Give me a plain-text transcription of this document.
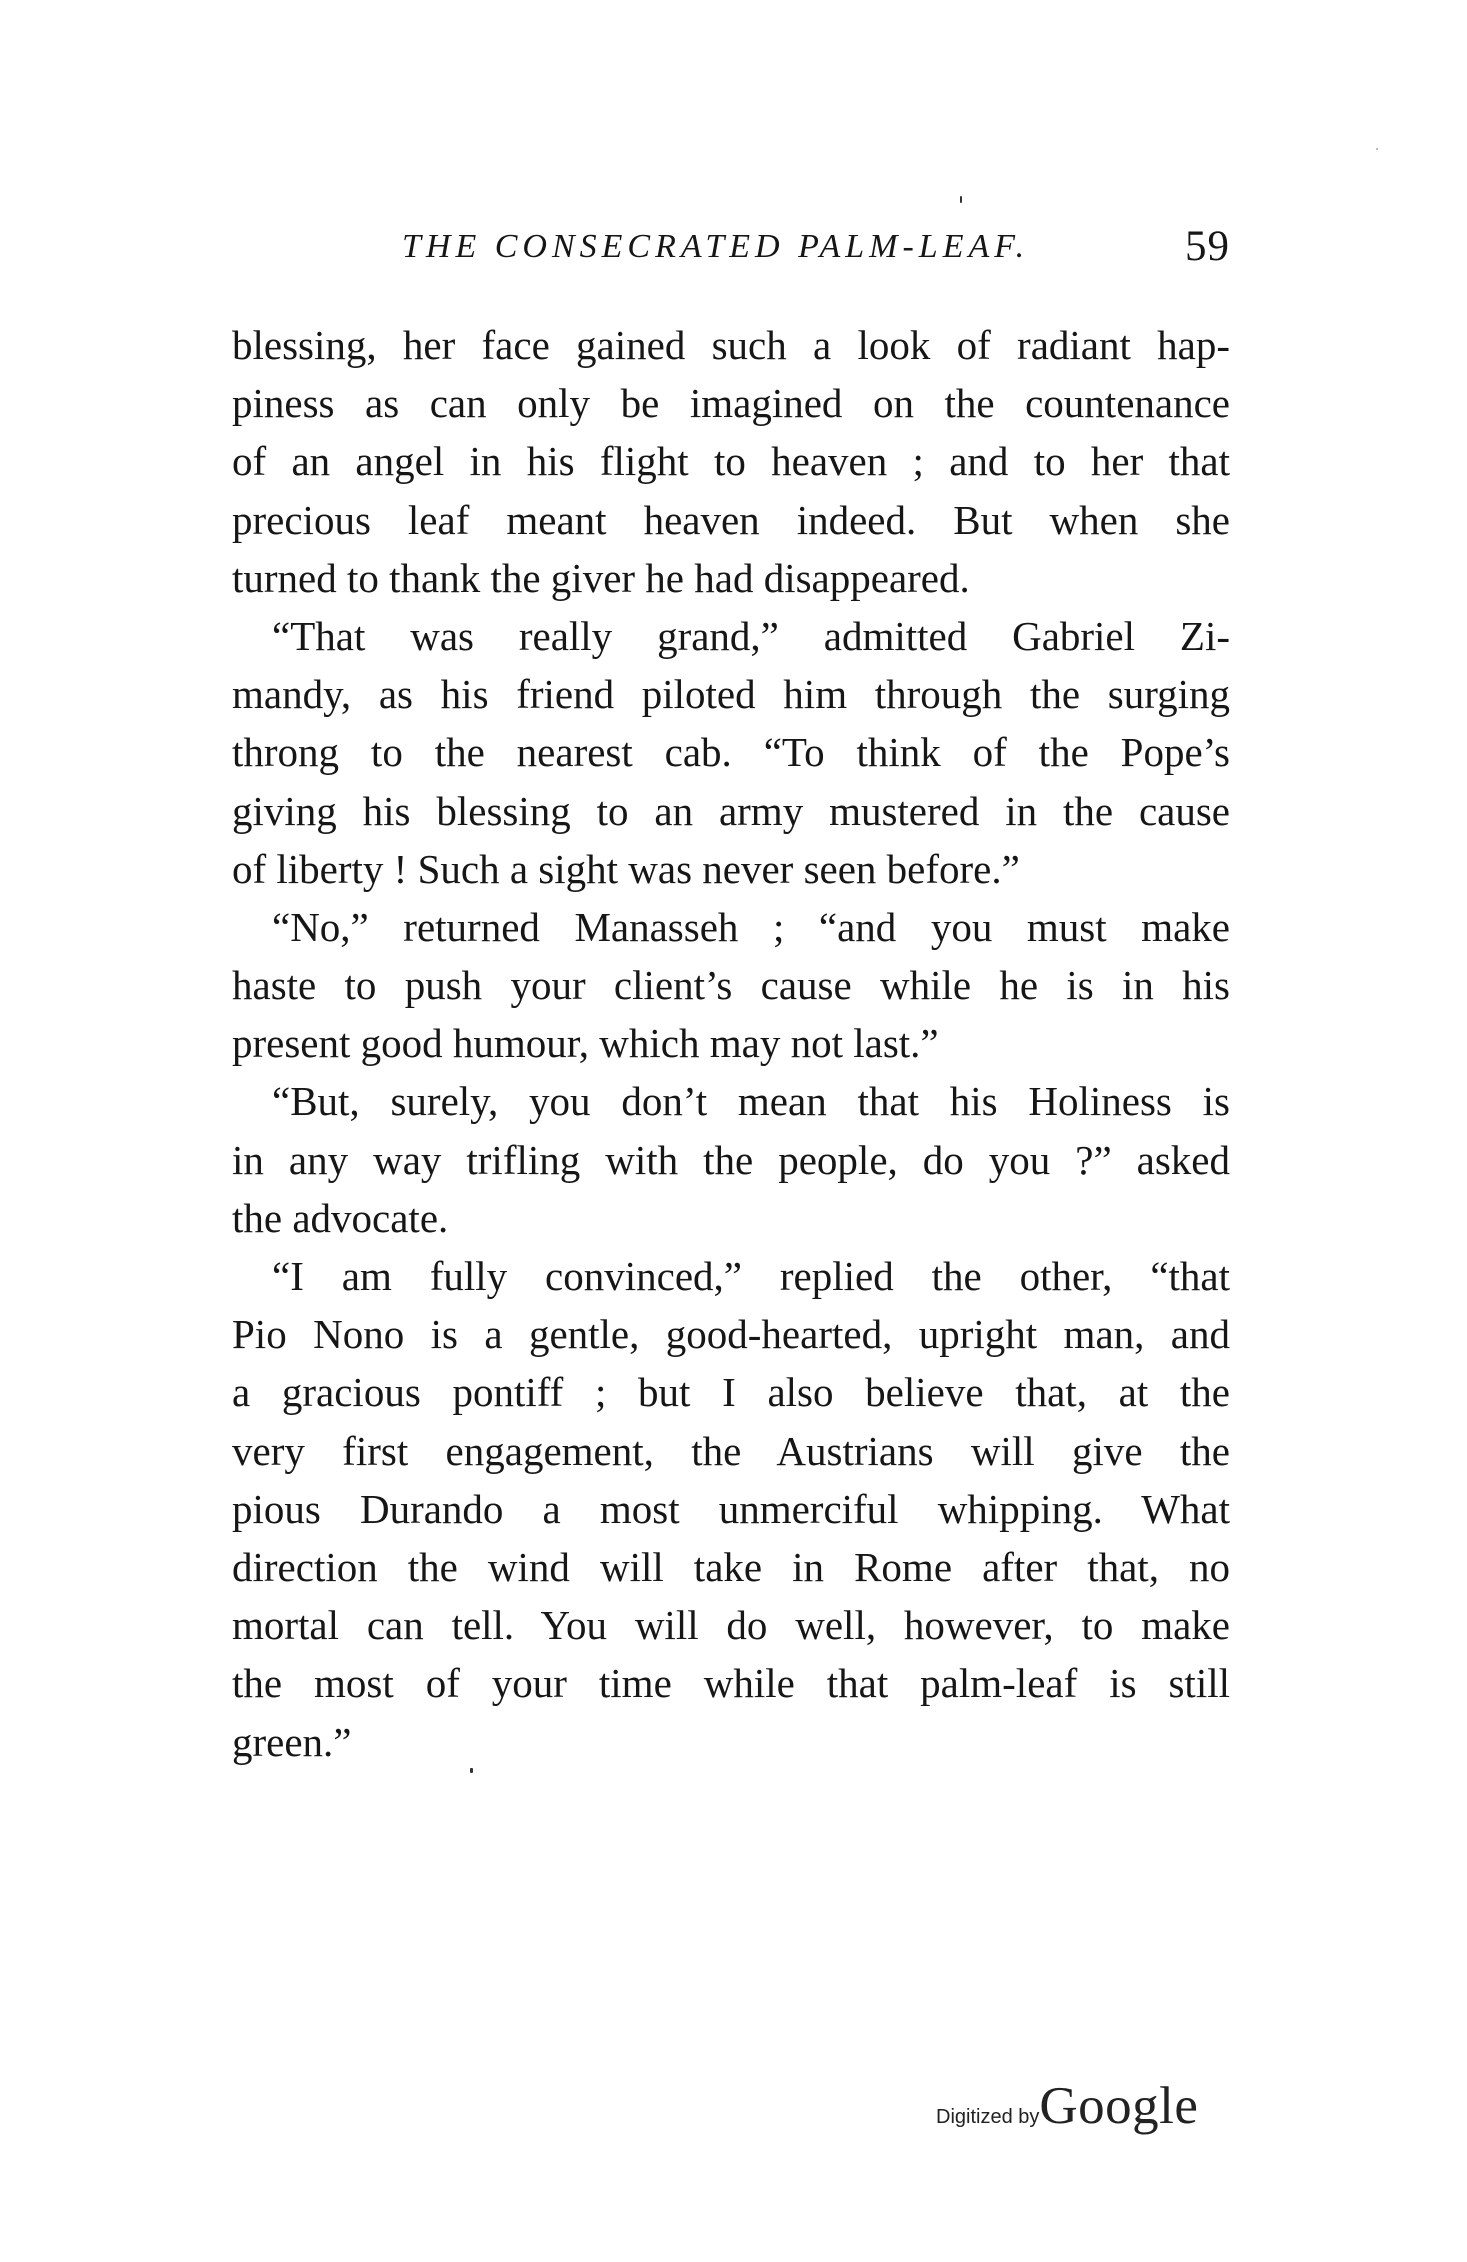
THE CONSECRATED PALM-LEAF.	59
blessing, her face gained such a look of radiant hap-
piness as can only be imagined on the countenance
of an angel in his flight to heaven ; and to her that
precious leaf meant heaven indeed. But when she
turned to thank the giver he had disappeared.
“That was really grand,” admitted Gabriel Zi-
mandy, as his friend piloted him through the surging
throng to the nearest cab. “To think of the Pope’s
giving his blessing to an army mustered in the cause
of liberty ! Such a sight was never seen before.”
“No,” returned Manasseh ; “and you must make
haste to push your client’s cause while he is in his
present good humour, which may not last.”
“But, surely, you don’t mean that his Holiness is
in any way trifling with the people, do you ?” asked
the advocate.
“I am fully convinced,” replied the other, “that
Pio Nono is a gentle, good-hearted, upright man, and
a gracious pontiff ; but I also believe that, at the
very first engagement, the Austrians will give the
pious Durando a most unmerciful whipping. What
direction the wind will take in Rome after that, no
mortal can tell. You will do well, however, to make
the most of your time while that palm-leaf is still
green.”
Digitized byGoogle
